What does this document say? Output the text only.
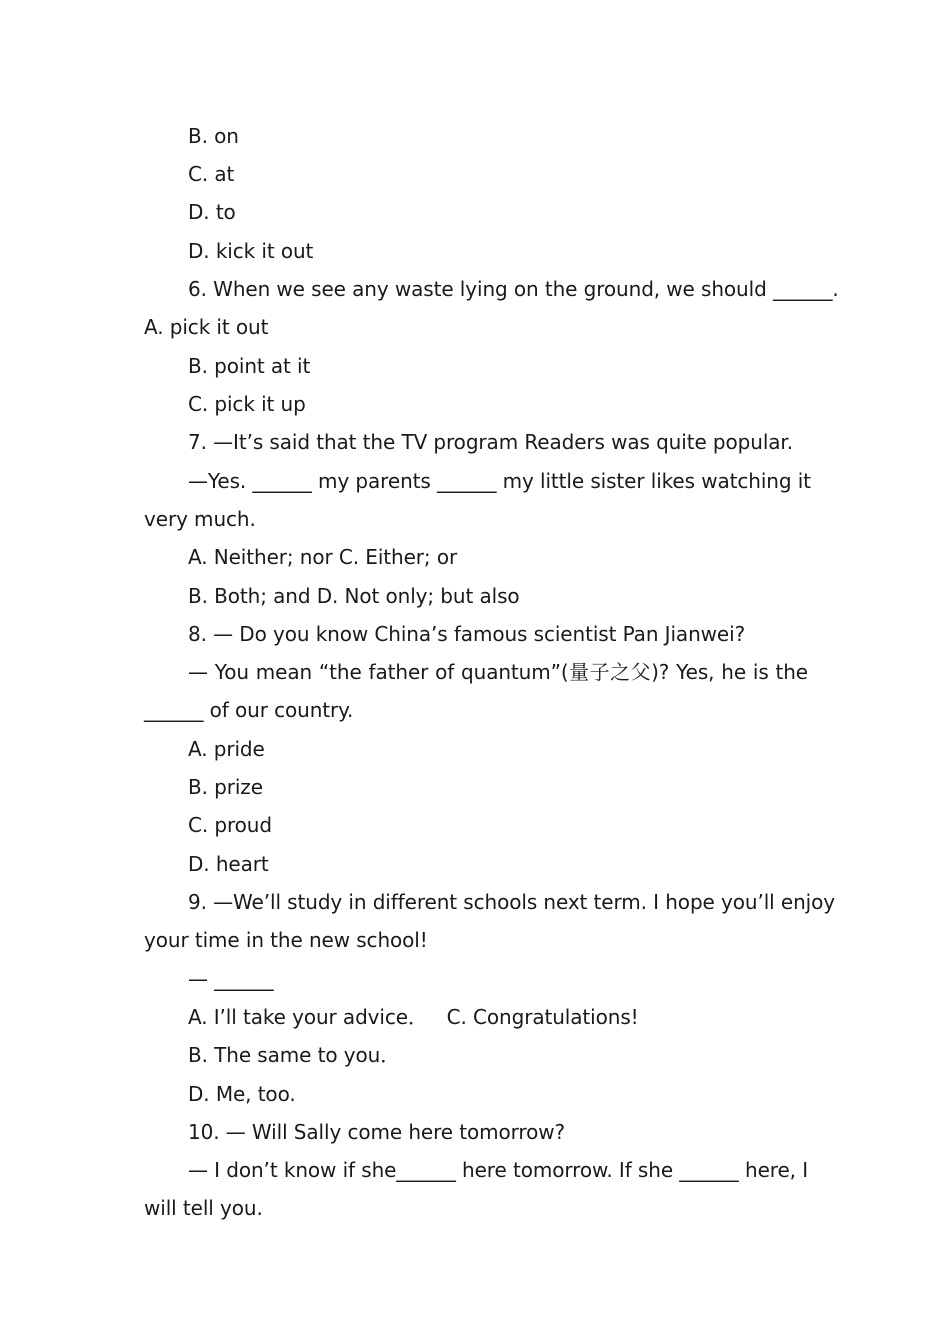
B. on
C. at
D. to
D. kick it out
6. When we see any waste lying on the ground, we should ______.
A. pick it out
B. point at it
C. pick it up
7. —It’s said that the TV program Readers was quite popular.
—Yes. ______ my parents ______ my little sister likes watching it
very much.
A. Neither; nor C. Either; or
B. Both; and D. Not only; but also
8. — Do you know China’s famous scientist Pan Jianwei?
— You mean “the father of quantum”(量子之父)? Yes, he is the
______ of our country.
A. pride
B. prize
C. proud
D. heart
9. —We’ll study in different schools next term. I hope you’ll enjoy
your time in the new school!
— ______
A. I’ll take your advice．   C. Congratulations!
B. The same to you．
D. Me, too.
10. — Will Sally come here tomorrow?
— I don’t know if she______ here tomorrow. If she ______ here, I
will tell you.
